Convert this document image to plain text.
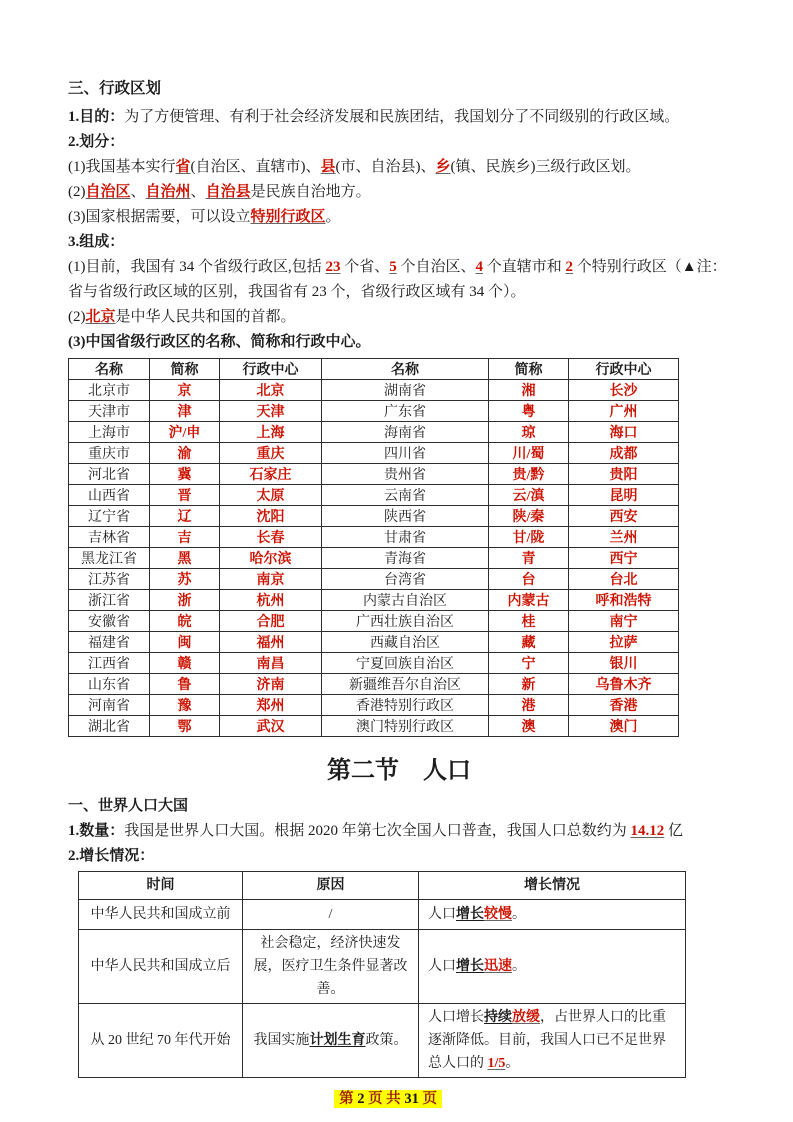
三、行政区划
1.目的：为了方便管理、有利于社会经济发展和民族团结，我国划分了不同级别的行政区域。
2.划分：
(1)我国基本实行省(自治区、直辖市)、县(市、自治县)、乡(镇、民族乡)三级行政区划。
(2)自治区、自治州、自治县是民族自治地方。
(3)国家根据需要，可以设立特别行政区。
3.组成：
(1)目前，我国有 34 个省级行政区,包括 23 个省、5 个自治区、4 个直辖市和 2 个特别行政区（▲注：省与省级行政区域的区别，我国省有 23 个，省级行政区域有 34 个）。
(2)北京是中华人民共和国的首都。
(3)中国省级行政区的名称、简称和行政中心。
名称	简称	行政中心	名称	简称	行政中心
北京市	京	北京	湖南省	湘	长沙
天津市	津	天津	广东省	粤	广州
上海市	沪/申	上海	海南省	琼	海口
重庆市	渝	重庆	四川省	川/蜀	成都
河北省	冀	石家庄	贵州省	贵/黔	贵阳
山西省	晋	太原	云南省	云/滇	昆明
辽宁省	辽	沈阳	陕西省	陕/秦	西安
吉林省	吉	长春	甘肃省	甘/陇	兰州
黑龙江省	黑	哈尔滨	青海省	青	西宁
江苏省	苏	南京	台湾省	台	台北
浙江省	浙	杭州	内蒙古自治区	内蒙古	呼和浩特
安徽省	皖	合肥	广西壮族自治区	桂	南宁
福建省	闽	福州	西藏自治区	藏	拉萨
江西省	赣	南昌	宁夏回族自治区	宁	银川
山东省	鲁	济南	新疆维吾尔自治区	新	乌鲁木齐
河南省	豫	郑州	香港特别行政区	港	香港
湖北省	鄂	武汉	澳门特别行政区	澳	澳门
第二节　人口
一、世界人口大国
1.数量：我国是世界人口大国。根据 2020 年第七次全国人口普查，我国人口总数约为 14.12 亿
2.增长情况：
时间	原因	增长情况
中华人民共和国成立前	/	人口增长较慢。
中华人民共和国成立后	社会稳定，经济快速发展，医疗卫生条件显著改善。	人口增长迅速。
从 20 世纪 70 年代开始	我国实施计划生育政策。	人口增长持续放缓，占世界人口的比重逐渐降低。目前，我国人口已不足世界总人口的 1/5。
第 2 页 共 31 页
